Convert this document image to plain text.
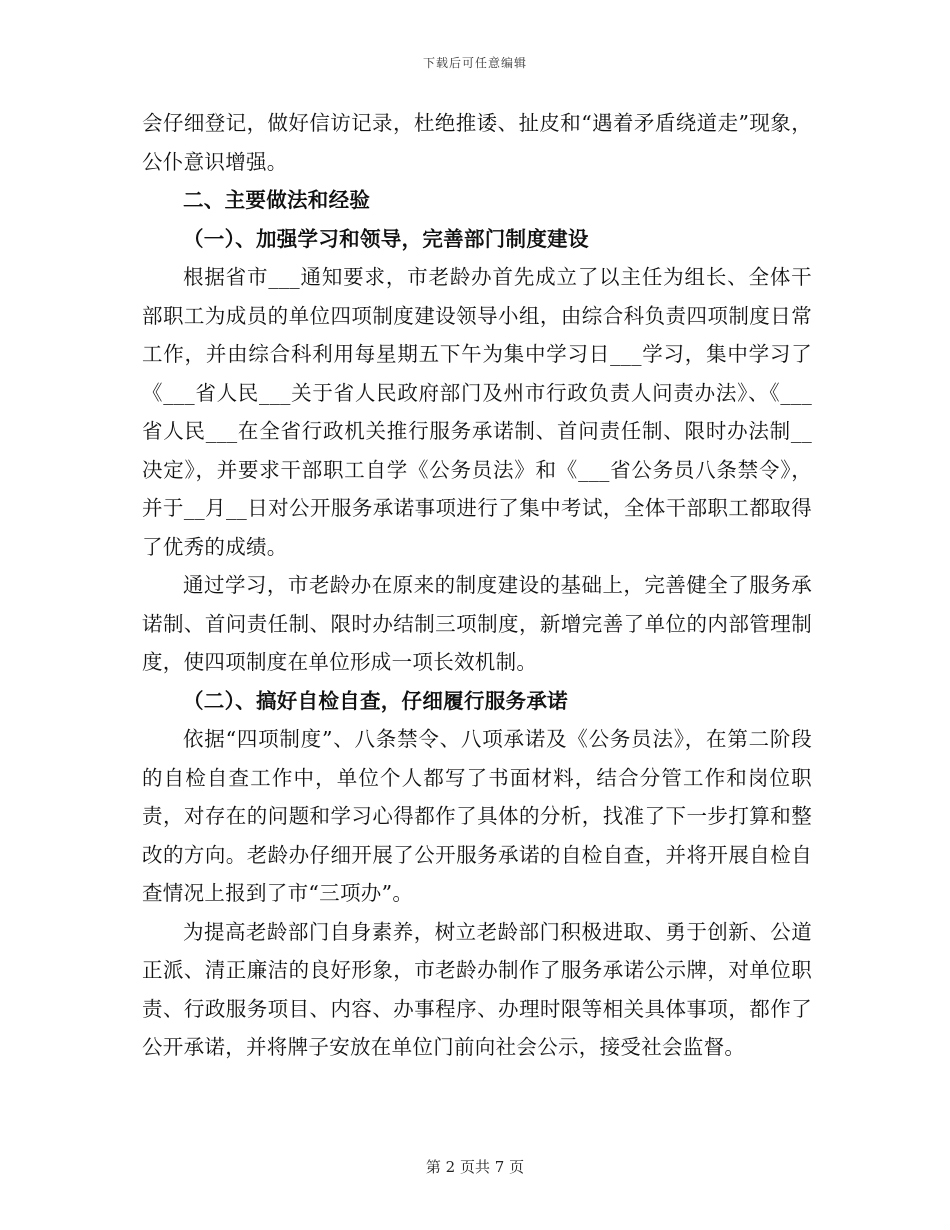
下载后可任意编辑

会仔细登记，做好信访记录，杜绝推诿、扯皮和“遇着矛盾绕道走”现象，公仆意识增强。

二、主要做法和经验

（一）、加强学习和领导，完善部门制度建设

根据省市___通知要求，市老龄办首先成立了以主任为组长、全体干部职工为成员的单位四项制度建设领导小组，由综合科负责四项制度日常工作，并由综合科利用每星期五下午为集中学习日___学习，集中学习了《___省人民___关于省人民政府部门及州市行政负责人问责办法》、《___省人民___在全省行政机关推行服务承诺制、首问责任制、限时办法制__决定》，并要求干部职工自学《公务员法》和《___省公务员八条禁令》，并于__月__日对公开服务承诺事项进行了集中考试，全体干部职工都取得了优秀的成绩。

通过学习，市老龄办在原来的制度建设的基础上，完善健全了服务承诺制、首问责任制、限时办结制三项制度，新增完善了单位的内部管理制度，使四项制度在单位形成一项长效机制。

（二）、搞好自检自查，仔细履行服务承诺

依据“四项制度”、八条禁令、八项承诺及《公务员法》，在第二阶段的自检自查工作中，单位个人都写了书面材料，结合分管工作和岗位职责，对存在的问题和学习心得都作了具体的分析，找准了下一步打算和整改的方向。老龄办仔细开展了公开服务承诺的自检自查，并将开展自检自查情况上报到了市“三项办”。

为提高老龄部门自身素养，树立老龄部门积极进取、勇于创新、公道正派、清正廉洁的良好形象，市老龄办制作了服务承诺公示牌，对单位职责、行政服务项目、内容、办事程序、办理时限等相关具体事项，都作了公开承诺，并将牌子安放在单位门前向社会公示，接受社会监督。

第 2 页共 7 页
